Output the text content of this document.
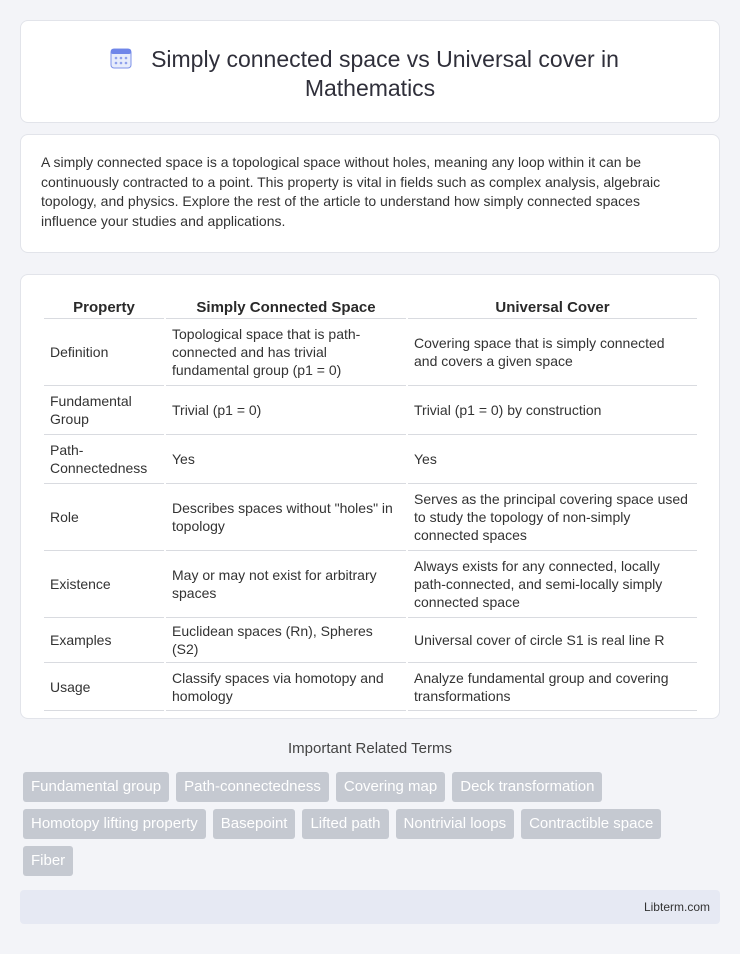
Simply connected space vs Universal cover in
Mathematics

A simply connected space is a topological space without holes, meaning any loop within it can be continuously contracted to a point. This property is vital in fields such as complex analysis, algebraic topology, and physics. Explore the rest of the article to understand how simply connected spaces influence your studies and applications.

Property	Simply Connected Space	Universal Cover
Definition	Topological space that is path-connected and has trivial fundamental group (p1 = 0)	Covering space that is simply connected and covers a given space
Fundamental Group	Trivial (p1 = 0)	Trivial (p1 = 0) by construction
Path-Connectedness	Yes	Yes
Role	Describes spaces without "holes" in topology	Serves as the principal covering space used to study the topology of non-simply connected spaces
Existence	May or may not exist for arbitrary spaces	Always exists for any connected, locally path-connected, and semi-locally simply connected space
Examples	Euclidean spaces (Rn), Spheres (S2)	Universal cover of circle S1 is real line R
Usage	Classify spaces via homotopy and homology	Analyze fundamental group and covering transformations
Important Related Terms
Fundamental group	Path-connectedness	Covering map	Deck transformation
Homotopy lifting property	Basepoint	Lifted path	Nontrivial loops	Contractible space
Fiber
Libterm.com
